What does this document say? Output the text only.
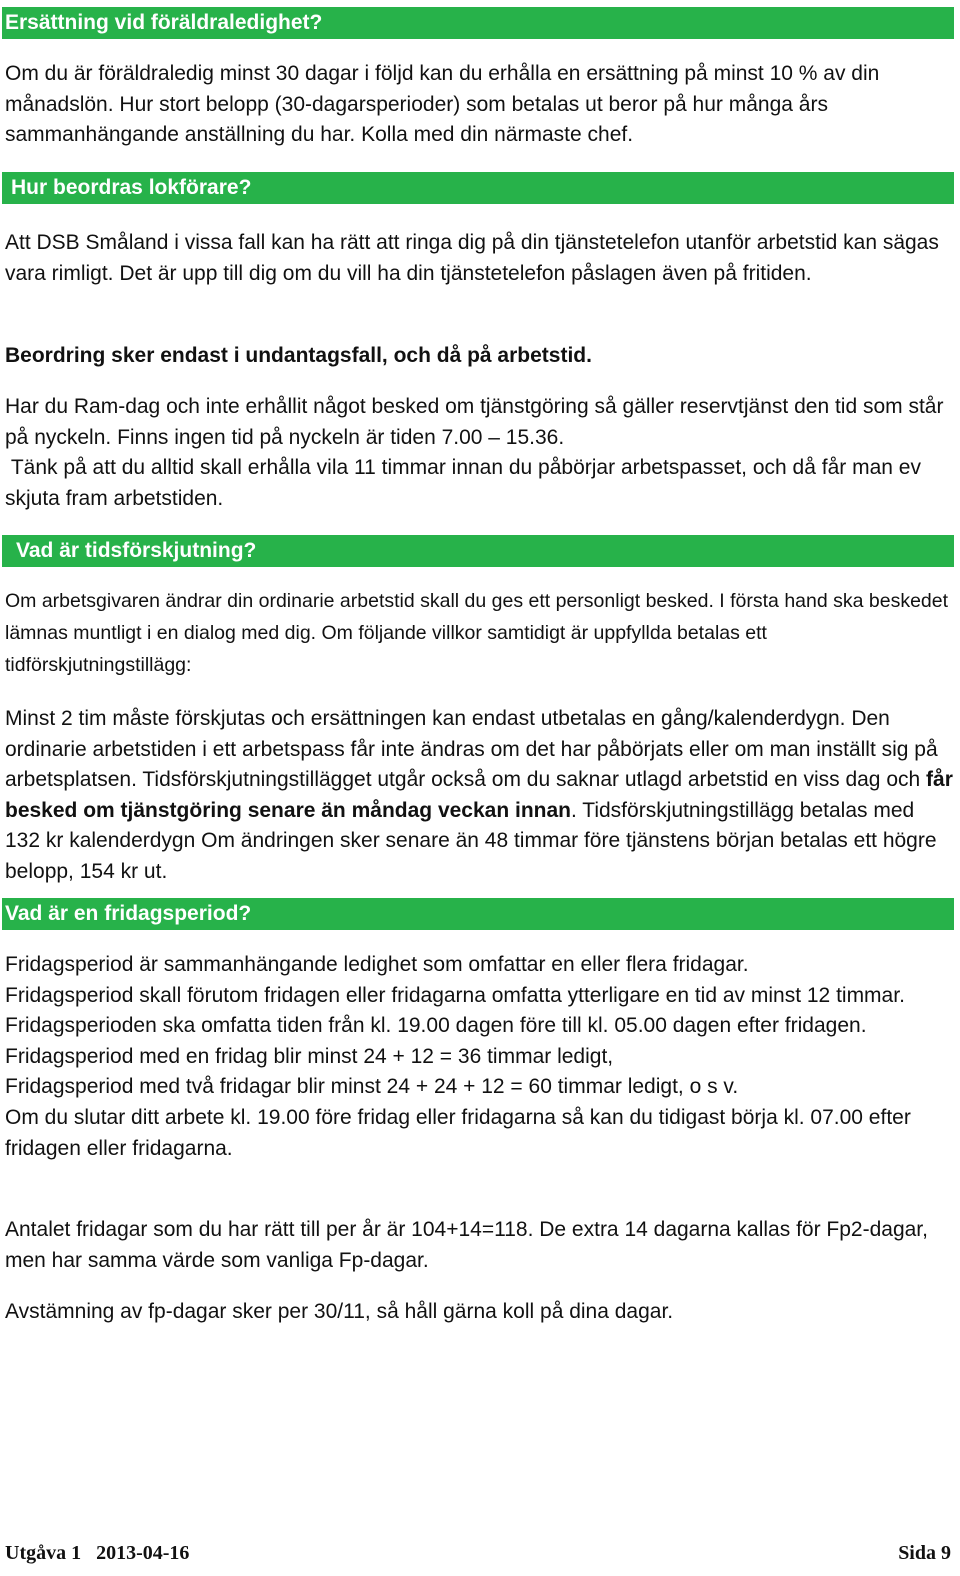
Ersättning vid föräldraledighet?
Om du är föräldraledig minst 30 dagar i följd kan du erhålla en ersättning på minst 10 % av din månadslön. Hur stort belopp (30-dagarsperioder) som betalas ut beror på hur många års sammanhängande anställning du har. Kolla med din närmaste chef.
Hur beordras lokförare?
Att DSB Småland i vissa fall kan ha rätt att ringa dig på din tjänstetelefon utanför arbetstid kan sägas vara rimligt. Det är upp till dig om du vill ha din tjänstetelefon påslagen även på fritiden.
Beordring sker endast i undantagsfall, och då på arbetstid.
Har du Ram-dag och inte erhållit något besked om tjänstgöring så gäller reservtjänst den tid som står på nyckeln. Finns ingen tid på nyckeln är tiden 7.00 – 15.36.
Tänk på att du alltid skall erhålla vila 11 timmar innan du påbörjar arbetspasset, och då får man ev skjuta fram arbetstiden.
Vad är tidsförskjutning?
Om arbetsgivaren ändrar din ordinarie arbetstid skall du ges ett personligt besked. I första hand ska beskedet lämnas muntligt i en dialog med dig. Om följande villkor samtidigt är uppfyllda betalas ett tidförskjutningstillägg:
Minst 2 tim måste förskjutas och ersättningen kan endast utbetalas en gång/kalenderdygn. Den ordinarie arbetstiden i ett arbetspass får inte ändras om det har påbörjats eller om man inställt sig på arbetsplatsen. Tidsförskjutningstillägget utgår också om du saknar utlagd arbetstid en viss dag och får besked om tjänstgöring senare än måndag veckan innan. Tidsförskjutningstillägg betalas med 132 kr kalenderdygn Om ändringen sker senare än 48 timmar före tjänstens början betalas ett högre belopp, 154 kr ut.
Vad är en fridagsperiod?
Fridagsperiod är sammanhängande ledighet som omfattar en eller flera fridagar.
Fridagsperiod skall förutom fridagen eller fridagarna omfatta ytterligare en tid av minst 12 timmar. Fridagsperioden ska omfatta tiden från kl. 19.00 dagen före till kl. 05.00 dagen efter fridagen.
Fridagsperiod med en fridag blir minst 24 + 12 = 36 timmar ledigt,
Fridagsperiod med två fridagar blir minst 24 + 24 + 12 = 60 timmar ledigt, o s v.
Om du slutar ditt arbete kl. 19.00 före fridag eller fridagarna så kan du tidigast börja kl. 07.00 efter fridagen eller fridagarna.
Antalet fridagar som du har rätt till per år är 104+14=118. De extra 14 dagarna kallas för Fp2-dagar, men har samma värde som vanliga Fp-dagar.
Avstämning av fp-dagar sker per 30/11, så håll gärna koll på dina dagar.
Utgåva 1   2013-04-16	Sida 9
